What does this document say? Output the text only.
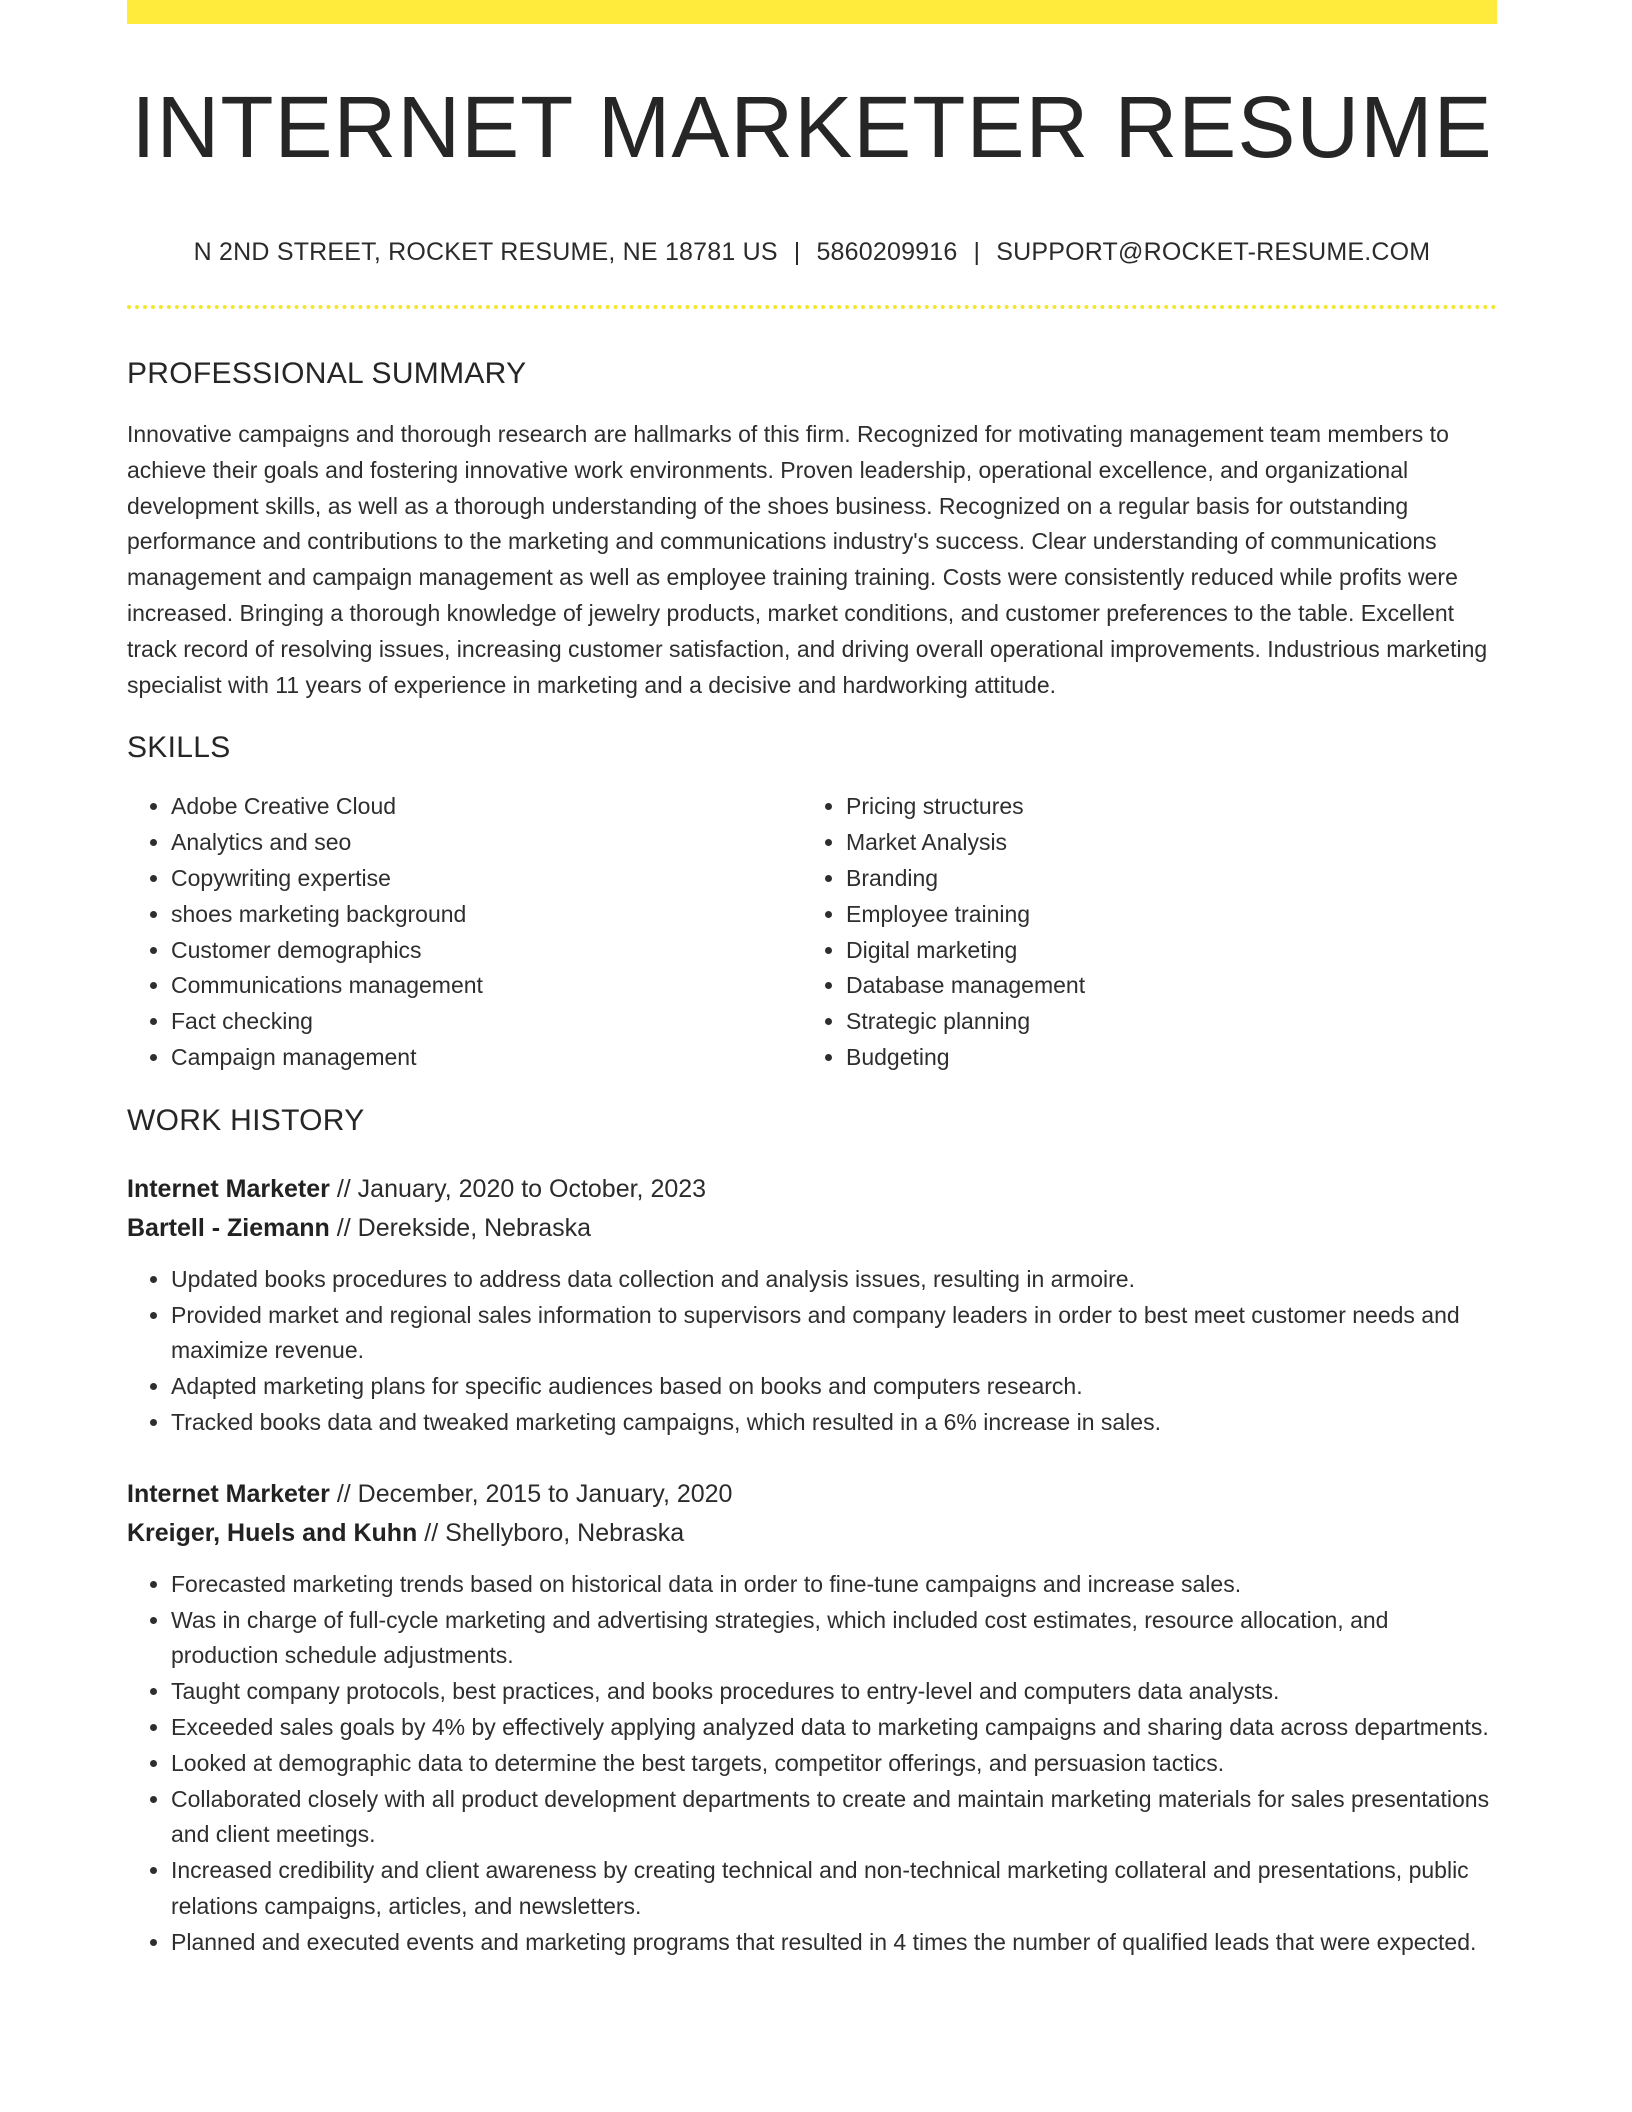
INTERNET MARKETER RESUME
N 2ND STREET, ROCKET RESUME, NE 18781 US | 5860209916 | SUPPORT@ROCKET-RESUME.COM
PROFESSIONAL SUMMARY

Innovative campaigns and thorough research are hallmarks of this firm. Recognized for motivating management team members to achieve their goals and fostering innovative work environments. Proven leadership, operational excellence, and organizational development skills, as well as a thorough understanding of the shoes business. Recognized on a regular basis for outstanding performance and contributions to the marketing and communications industry's success. Clear understanding of communications management and campaign management as well as employee training training. Costs were consistently reduced while profits were increased. Bringing a thorough knowledge of jewelry products, market conditions, and customer preferences to the table. Excellent track record of resolving issues, increasing customer satisfaction, and driving overall operational improvements. Industrious marketing specialist with 11 years of experience in marketing and a decisive and hardworking attitude.

SKILLS
• Adobe Creative Cloud
• Analytics and seo
• Copywriting expertise
• shoes marketing background
• Customer demographics
• Communications management
• Fact checking
• Campaign management
• Pricing structures
• Market Analysis
• Branding
• Employee training
• Digital marketing
• Database management
• Strategic planning
• Budgeting
WORK HISTORY
Internet Marketer // January, 2020 to October, 2023
Bartell - Ziemann // Derekside, Nebraska
• Updated books procedures to address data collection and analysis issues, resulting in armoire.
• Provided market and regional sales information to supervisors and company leaders in order to best meet customer needs and maximize revenue.
• Adapted marketing plans for specific audiences based on books and computers research.
• Tracked books data and tweaked marketing campaigns, which resulted in a 6% increase in sales.
Internet Marketer // December, 2015 to January, 2020
Kreiger, Huels and Kuhn // Shellyboro, Nebraska
• Forecasted marketing trends based on historical data in order to fine-tune campaigns and increase sales.
• Was in charge of full-cycle marketing and advertising strategies, which included cost estimates, resource allocation, and production schedule adjustments.
• Taught company protocols, best practices, and books procedures to entry-level and computers data analysts.
• Exceeded sales goals by 4% by effectively applying analyzed data to marketing campaigns and sharing data across departments.
• Looked at demographic data to determine the best targets, competitor offerings, and persuasion tactics.
• Collaborated closely with all product development departments to create and maintain marketing materials for sales presentations and client meetings.
• Increased credibility and client awareness by creating technical and non-technical marketing collateral and presentations, public relations campaigns, articles, and newsletters.
• Planned and executed events and marketing programs that resulted in 4 times the number of qualified leads that were expected.
